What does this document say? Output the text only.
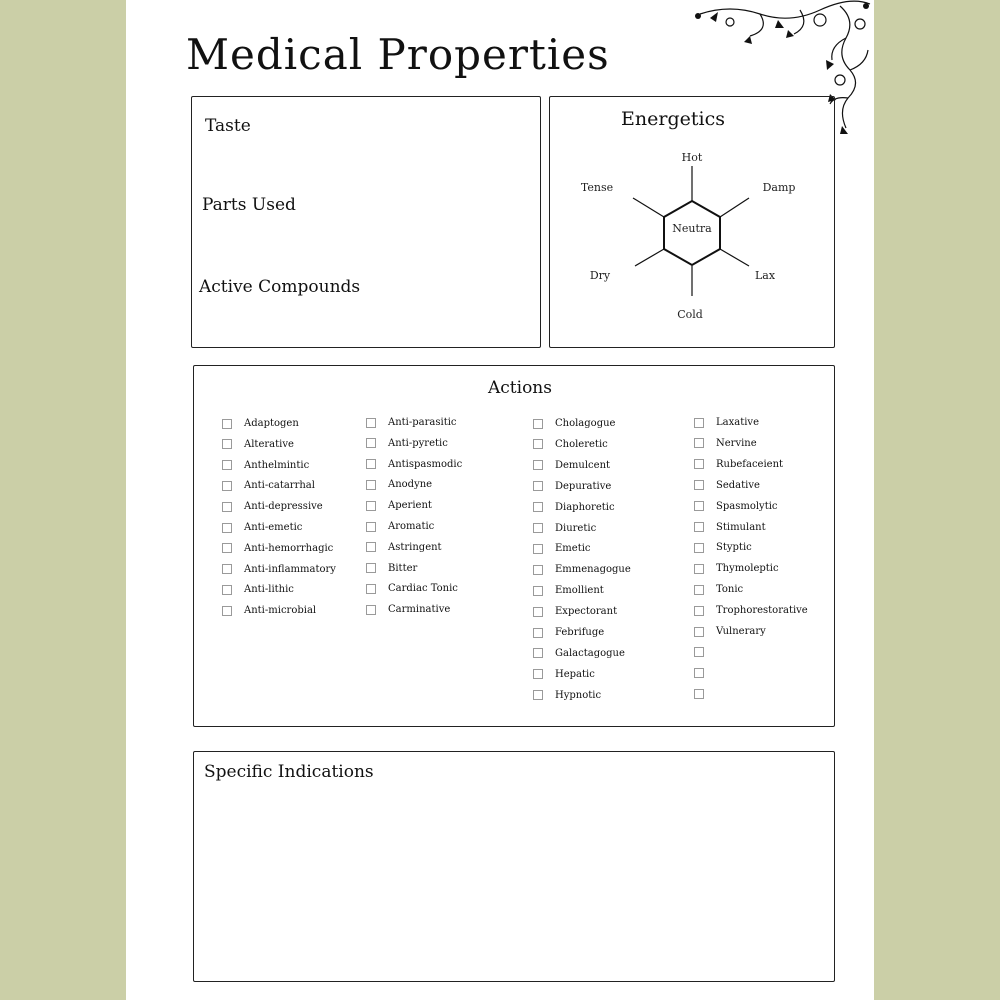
Medical Properties
Taste
Parts Used
Active Compounds
Energetics
Neutra
Hot
Cold
Tense	Damp
Dry	Lax
Actions
Adaptogen
Alterative
Anthelmintic
Anti-catarrhal
Anti-depressive
Anti-emetic
Anti-hemorrhagic
Anti-inflammatory
Anti-lithic
Anti-microbial
Anti-parasitic
Anti-pyretic
Antispasmodic
Anodyne
Aperient
Aromatic
Astringent
Bitter
Cardiac Tonic
Carminative
Cholagogue
Choleretic
Demulcent
Depurative
Diaphoretic
Diuretic
Emetic
Emmenagogue
Emollient
Expectorant
Febrifuge
Galactagogue
Hepatic
Hypnotic
Laxative
Nervine
Rubefaceient
Sedative
Spasmolytic
Stimulant
Styptic
Thymoleptic
Tonic
Trophorestorative
Vulnerary
Specific Indications
